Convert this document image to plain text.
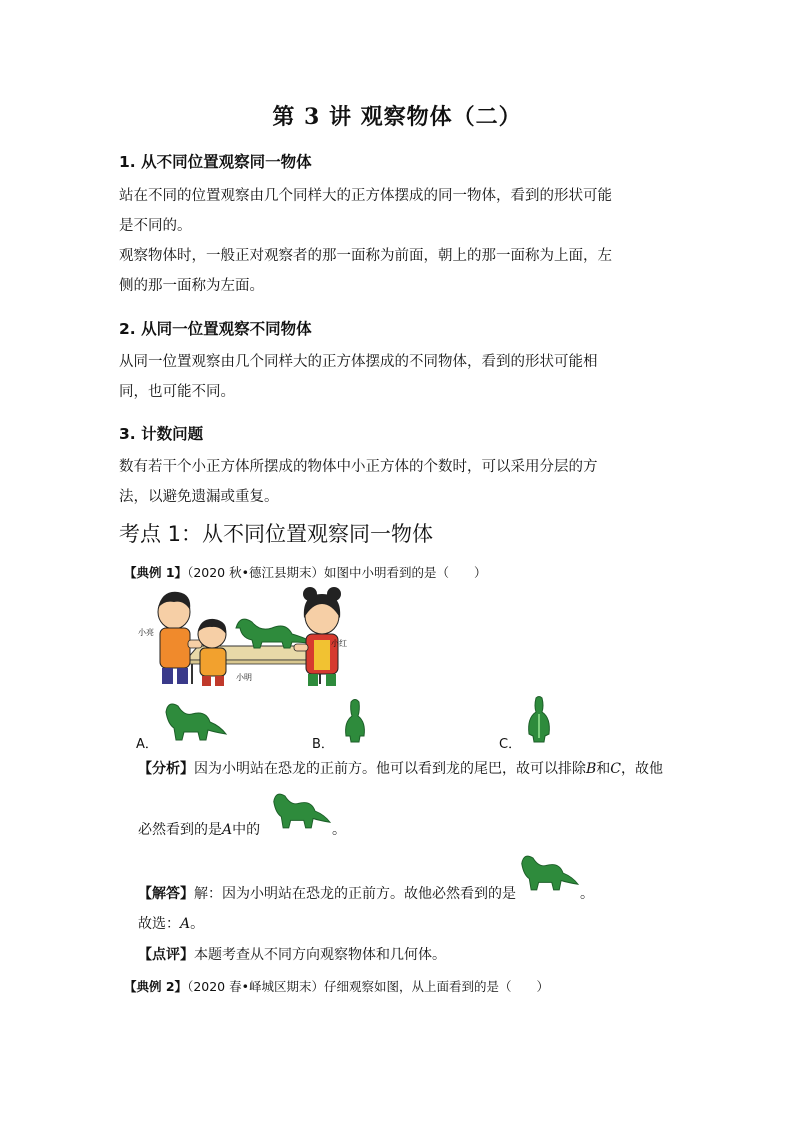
第 3 讲 观察物体（二）
1. 从不同位置观察同一物体
站在不同的位置观察由几个同样大的正方体摆成的同一物体，看到的形状可能
是不同的。
观察物体时，一般正对观察者的那一面称为前面，朝上的那一面称为上面，左
侧的那一面称为左面。
2. 从同一位置观察不同物体
从同一位置观察由几个同样大的正方体摆成的不同物体，看到的形状可能相
同，也可能不同。
3. 计数问题
数有若干个小正方体所摆成的物体中小正方体的个数时，可以采用分层的方
法，以避免遗漏或重复。
考点 1：从不同位置观察同一物体
【典例 1】（2020 秋•德江县期末）如图中小明看到的是（　　）
小亮
小红
小明
A．	B．	C．
【分析】因为小明站在恐龙的正前方。他可以看到龙的尾巴，故可以排除B和C，故他
必然看到的是A中的	。
【解答】解：因为小明站在恐龙的正前方。故他必然看到的是	。
故选：A。
【点评】本题考查从不同方向观察物体和几何体。
【典例 2】（2020 春•峄城区期末）仔细观察如图，从上面看到的是（　　）
